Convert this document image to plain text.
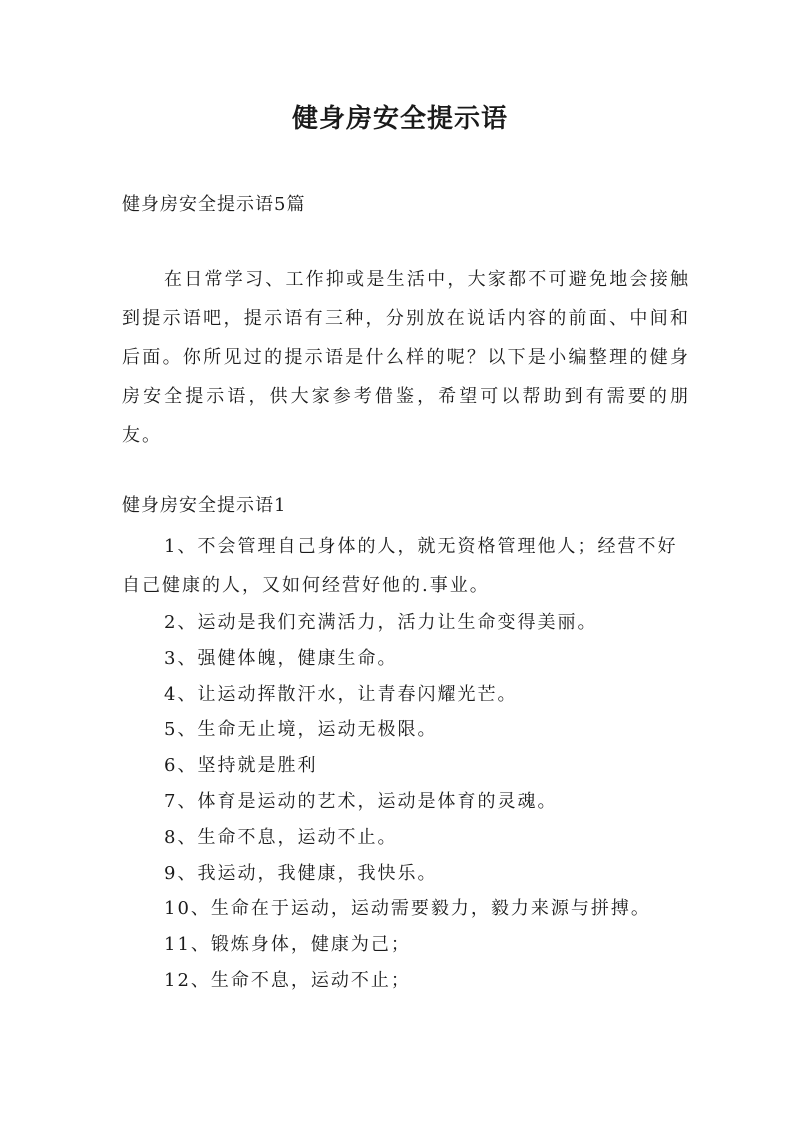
健身房安全提示语

健身房安全提示语5篇

在日常学习、工作抑或是生活中，大家都不可避免地会接触到提示语吧，提示语有三种，分别放在说话内容的前面、中间和后面。你所见过的提示语是什么样的呢？以下是小编整理的健身房安全提示语，供大家参考借鉴，希望可以帮助到有需要的朋友。

健身房安全提示语1

1、不会管理自己身体的人，就无资格管理他人；经营不好自己健康的人，又如何经营好他的.事业。

2、运动是我们充满活力，活力让生命变得美丽。
3、强健体魄，健康生命。
4、让运动挥散汗水，让青春闪耀光芒。
5、生命无止境，运动无极限。
6、坚持就是胜利
7、体育是运动的艺术，运动是体育的灵魂。
8、生命不息，运动不止。
9、我运动，我健康，我快乐。
10、生命在于运动，运动需要毅力，毅力来源与拼搏。
11、锻炼身体，健康为己；
12、生命不息，运动不止；
